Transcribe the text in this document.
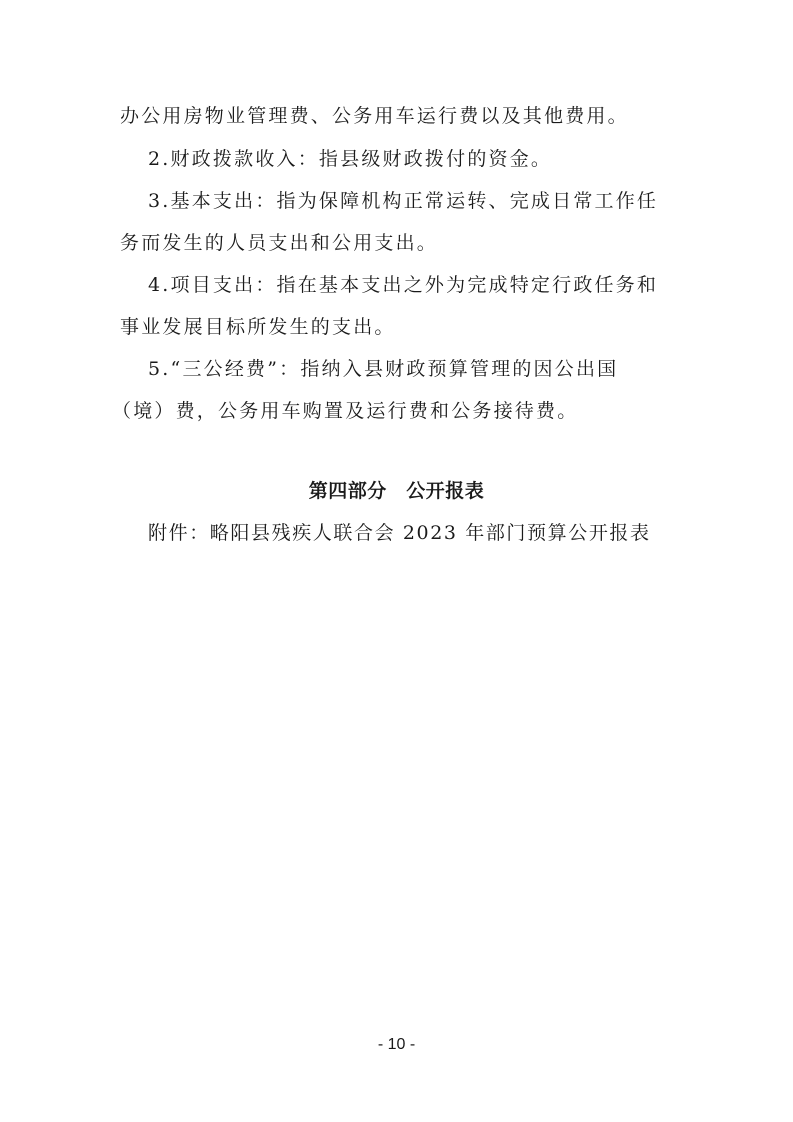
办公用房物业管理费、公务用车运行费以及其他费用。
2.财政拨款收入：指县级财政拨付的资金。
3.基本支出：指为保障机构正常运转、完成日常工作任
务而发生的人员支出和公用支出。
4.项目支出：指在基本支出之外为完成特定行政任务和
事业发展目标所发生的支出。
5.“三公经费”：指纳入县财政预算管理的因公出国
（境）费，公务用车购置及运行费和公务接待费。
第四部分　公开报表
附件：略阳县残疾人联合会 2023 年部门预算公开报表
- 10 -
